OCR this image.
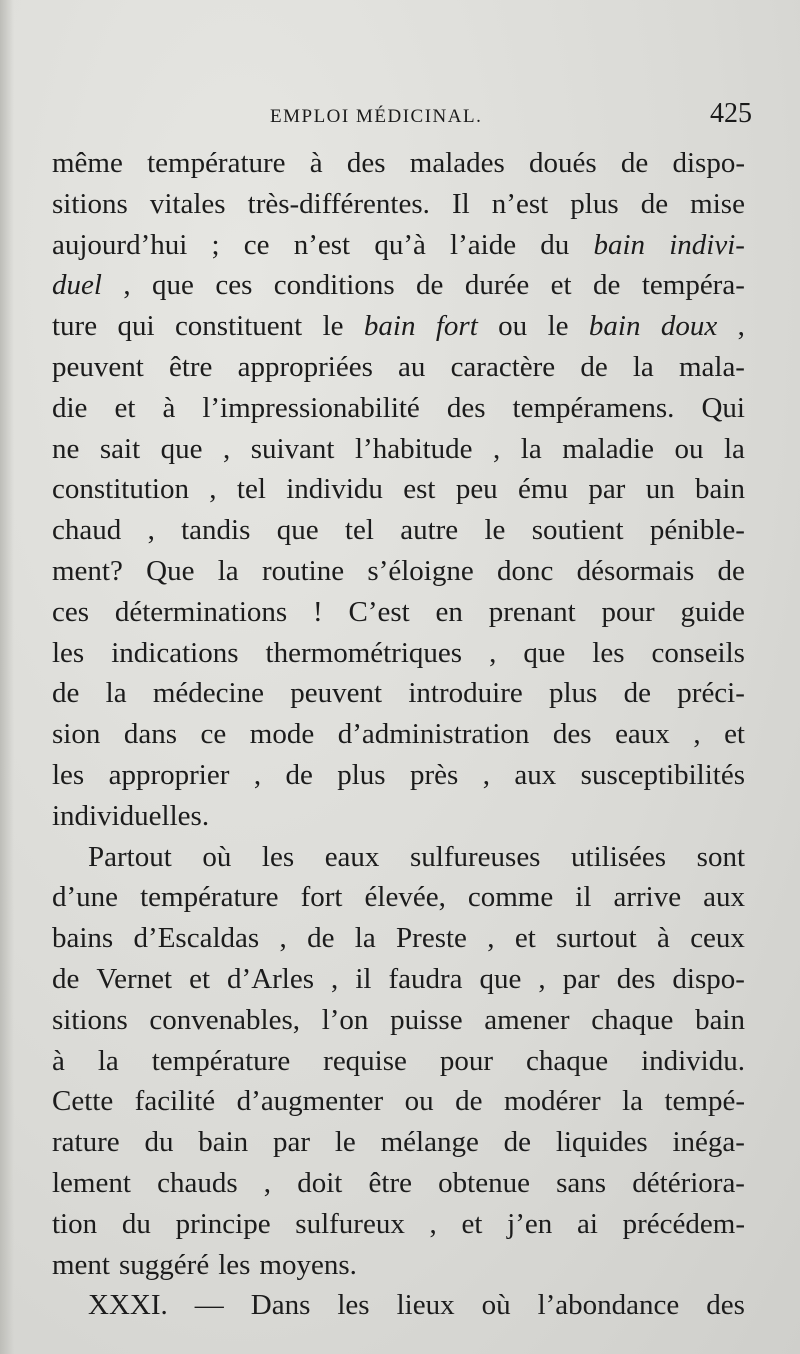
EMPLOI MÉDICINAL.	425
même température à des malades doués de dispo-
sitions vitales très-différentes. Il n’est plus de mise
aujourd’hui ; ce n’est qu’à l’aide du bain indivi-
duel , que ces conditions de durée et de tempéra-
ture qui constituent le bain fort ou le bain doux ,
peuvent être appropriées au caractère de la mala-
die et à l’impressionabilité des tempéramens. Qui
ne sait que , suivant l’habitude , la maladie ou la
constitution , tel individu est peu ému par un bain
chaud , tandis que tel autre le soutient pénible-
ment? Que la routine s’éloigne donc désormais de
ces déterminations ! C’est en prenant pour guide
les indications thermométriques , que les conseils
de la médecine peuvent introduire plus de préci-
sion dans ce mode d’administration des eaux , et
les approprier , de plus près , aux susceptibilités
individuelles.
Partout où les eaux sulfureuses utilisées sont
d’une température fort élevée, comme il arrive aux
bains d’Escaldas , de la Preste , et surtout à ceux
de Vernet et d’Arles , il faudra que , par des dispo-
sitions convenables, l’on puisse amener chaque bain
à la température requise pour chaque individu.
Cette facilité d’augmenter ou de modérer la tempé-
rature du bain par le mélange de liquides inéga-
lement chauds , doit être obtenue sans détériora-
tion du principe sulfureux , et j’en ai précédem-
ment suggéré les moyens.
XXXI. — Dans les lieux où l’abondance des
